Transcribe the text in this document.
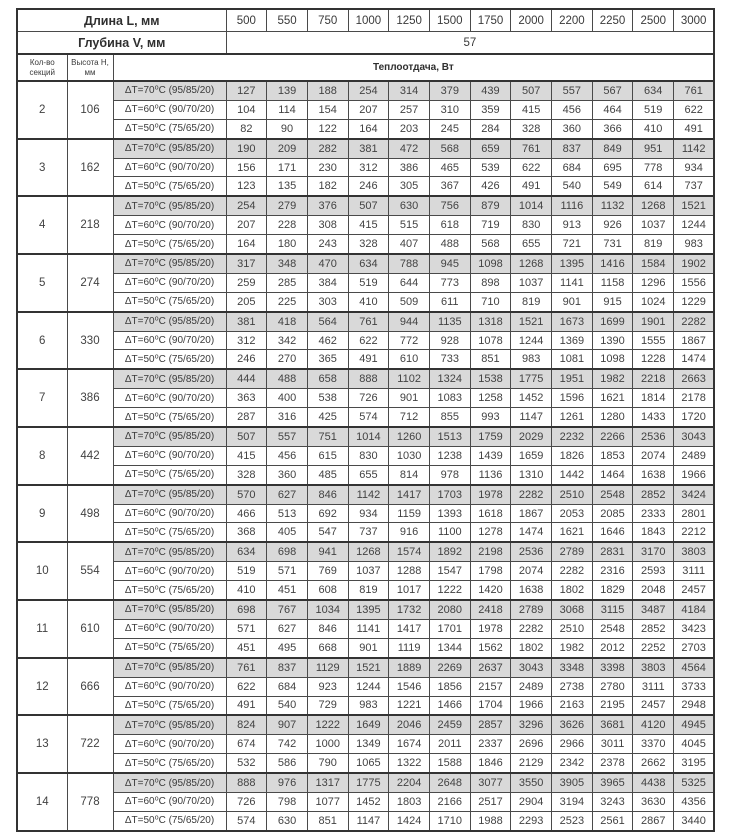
Длина L, мм			500	550	750	1000	1250	1500	1750	2000	2200	2250	2500	3000
Глубина V, мм			57											
Кол-во секций	Высота H, мм	Теплоотдача, Вт												
2	106	ΔT=70⁰C (95/85/20)	127	139	188	254	314	379	439	507	557	567	634	761
		ΔT=60⁰C (90/70/20)	104	114	154	207	257	310	359	415	456	464	519	622
		ΔT=50⁰C (75/65/20)	82	90	122	164	203	245	284	328	360	366	410	491
3	162	ΔT=70⁰C (95/85/20)	190	209	282	381	472	568	659	761	837	849	951	1142
		ΔT=60⁰C (90/70/20)	156	171	230	312	386	465	539	622	684	695	778	934
		ΔT=50⁰C (75/65/20)	123	135	182	246	305	367	426	491	540	549	614	737
4	218	ΔT=70⁰C (95/85/20)	254	279	376	507	630	756	879	1014	1116	1132	1268	1521
		ΔT=60⁰C (90/70/20)	207	228	308	415	515	618	719	830	913	926	1037	1244
		ΔT=50⁰C (75/65/20)	164	180	243	328	407	488	568	655	721	731	819	983
5	274	ΔT=70⁰C (95/85/20)	317	348	470	634	788	945	1098	1268	1395	1416	1584	1902
		ΔT=60⁰C (90/70/20)	259	285	384	519	644	773	898	1037	1141	1158	1296	1556
		ΔT=50⁰C (75/65/20)	205	225	303	410	509	611	710	819	901	915	1024	1229
6	330	ΔT=70⁰C (95/85/20)	381	418	564	761	944	1135	1318	1521	1673	1699	1901	2282
		ΔT=60⁰C (90/70/20)	312	342	462	622	772	928	1078	1244	1369	1390	1555	1867
		ΔT=50⁰C (75/65/20)	246	270	365	491	610	733	851	983	1081	1098	1228	1474
7	386	ΔT=70⁰C (95/85/20)	444	488	658	888	1102	1324	1538	1775	1951	1982	2218	2663
		ΔT=60⁰C (90/70/20)	363	400	538	726	901	1083	1258	1452	1596	1621	1814	2178
		ΔT=50⁰C (75/65/20)	287	316	425	574	712	855	993	1147	1261	1280	1433	1720
8	442	ΔT=70⁰C (95/85/20)	507	557	751	1014	1260	1513	1759	2029	2232	2266	2536	3043
		ΔT=60⁰C (90/70/20)	415	456	615	830	1030	1238	1439	1659	1826	1853	2074	2489
		ΔT=50⁰C (75/65/20)	328	360	485	655	814	978	1136	1310	1442	1464	1638	1966
9	498	ΔT=70⁰C (95/85/20)	570	627	846	1142	1417	1703	1978	2282	2510	2548	2852	3424
		ΔT=60⁰C (90/70/20)	466	513	692	934	1159	1393	1618	1867	2053	2085	2333	2801
		ΔT=50⁰C (75/65/20)	368	405	547	737	916	1100	1278	1474	1621	1646	1843	2212
10	554	ΔT=70⁰C (95/85/20)	634	698	941	1268	1574	1892	2198	2536	2789	2831	3170	3803
		ΔT=60⁰C (90/70/20)	519	571	769	1037	1288	1547	1798	2074	2282	2316	2593	3111
		ΔT=50⁰C (75/65/20)	410	451	608	819	1017	1222	1420	1638	1802	1829	2048	2457
11	610	ΔT=70⁰C (95/85/20)	698	767	1034	1395	1732	2080	2418	2789	3068	3115	3487	4184
		ΔT=60⁰C (90/70/20)	571	627	846	1141	1417	1701	1978	2282	2510	2548	2852	3423
		ΔT=50⁰C (75/65/20)	451	495	668	901	1119	1344	1562	1802	1982	2012	2252	2703
12	666	ΔT=70⁰C (95/85/20)	761	837	1129	1521	1889	2269	2637	3043	3348	3398	3803	4564
		ΔT=60⁰C (90/70/20)	622	684	923	1244	1546	1856	2157	2489	2738	2780	3111	3733
		ΔT=50⁰C (75/65/20)	491	540	729	983	1221	1466	1704	1966	2163	2195	2457	2948
13	722	ΔT=70⁰C (95/85/20)	824	907	1222	1649	2046	2459	2857	3296	3626	3681	4120	4945
		ΔT=60⁰C (90/70/20)	674	742	1000	1349	1674	2011	2337	2696	2966	3011	3370	4045
		ΔT=50⁰C (75/65/20)	532	586	790	1065	1322	1588	1846	2129	2342	2378	2662	3195
14	778	ΔT=70⁰C (95/85/20)	888	976	1317	1775	2204	2648	3077	3550	3905	3965	4438	5325
		ΔT=60⁰C (90/70/20)	726	798	1077	1452	1803	2166	2517	2904	3194	3243	3630	4356
		ΔT=50⁰C (75/65/20)	574	630	851	1147	1424	1710	1988	2293	2523	2561	2867	3440
